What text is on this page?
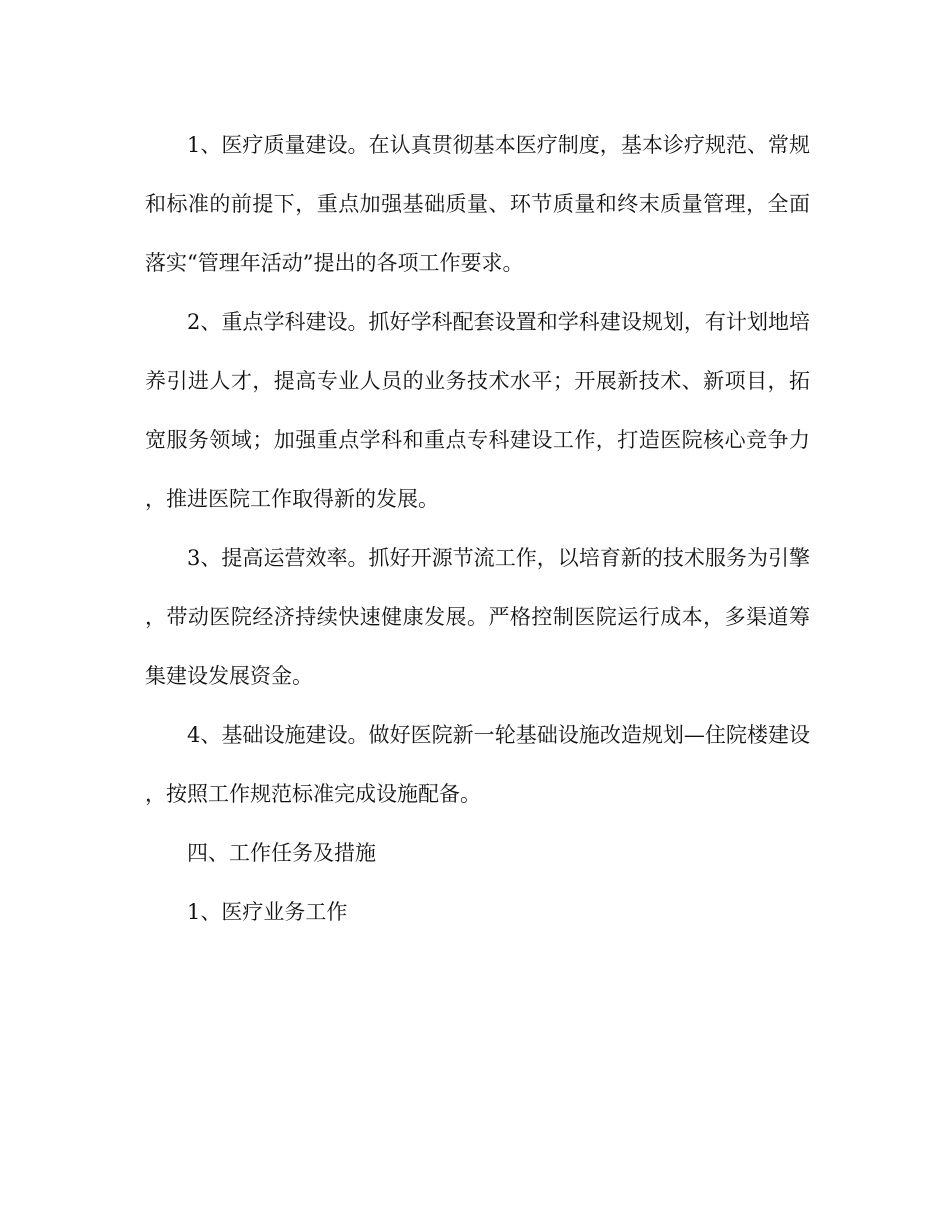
1、医疗质量建设。在认真贯彻基本医疗制度，基本诊疗规范、常规和标准的前提下，重点加强基础质量、环节质量和终末质量管理，全面落实“管理年活动”提出的各项工作要求。

2、重点学科建设。抓好学科配套设置和学科建设规划，有计划地培养引进人才，提高专业人员的业务技术水平；开展新技术、新项目，拓宽服务领域；加强重点学科和重点专科建设工作，打造医院核心竞争力，推进医院工作取得新的发展。

3、提高运营效率。抓好开源节流工作，以培育新的技术服务为引擎，带动医院经济持续快速健康发展。严格控制医院运行成本，多渠道筹集建设发展资金。

4、基础设施建设。做好医院新一轮基础设施改造规划—住院楼建设，按照工作规范标准完成设施配备。

四、工作任务及措施

1、医疗业务工作
